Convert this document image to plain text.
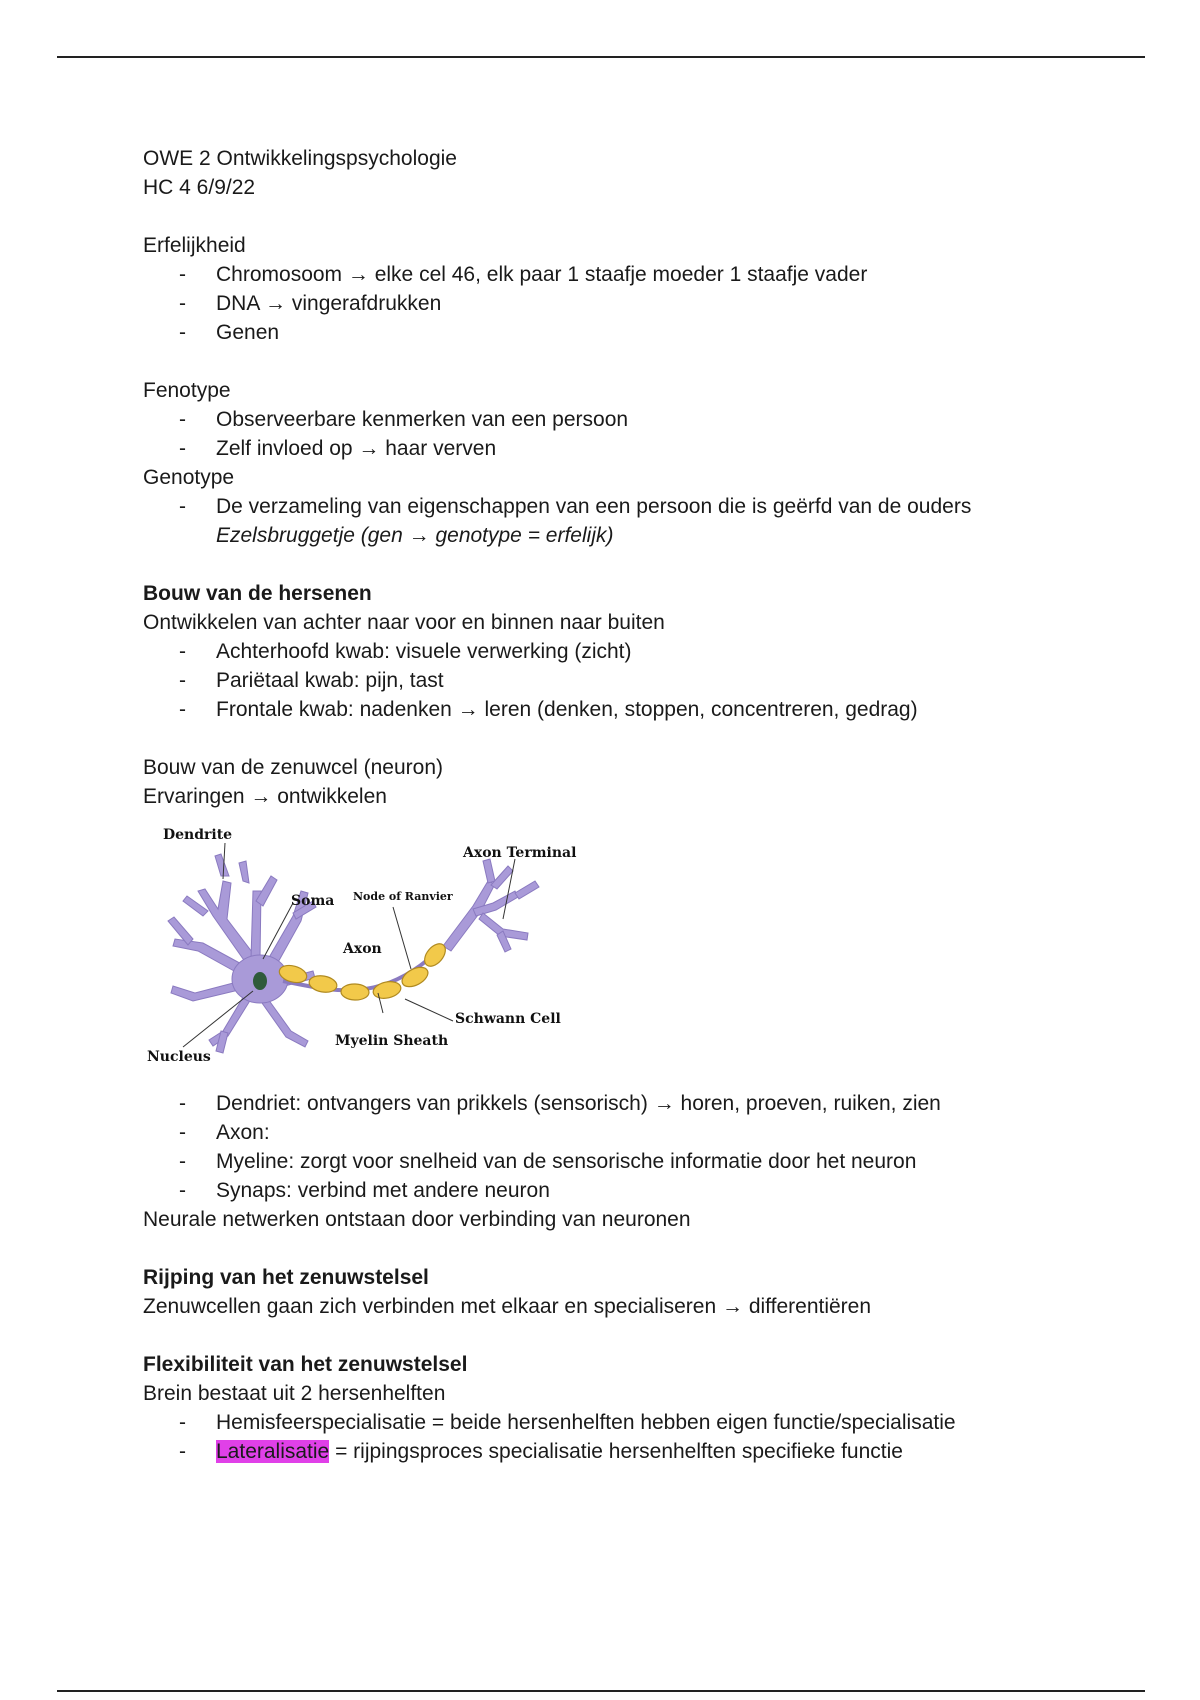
OWE 2 Ontwikkelingspsychologie
HC 4 6/9/22
Erfelijkheid
- Chromosoom → elke cel 46, elk paar 1 staafje moeder 1 staafje vader
- DNA → vingerafdrukken
- Genen
Fenotype
- Observeerbare kenmerken van een persoon
- Zelf invloed op → haar verven
Genotype
- De verzameling van eigenschappen van een persoon die is geërfd van de ouders
Ezelsbruggetje (gen → genotype = erfelijk)
Bouw van de hersenen
Ontwikkelen van achter naar voor en binnen naar buiten
- Achterhoofd kwab: visuele verwerking (zicht)
- Pariëtaal kwab: pijn, tast
- Frontale kwab: nadenken → leren (denken, stoppen, concentreren, gedrag)
Bouw van de zenuwcel (neuron)
Ervaringen → ontwikkelen
Dendrite
Soma
Nucleus
Axon
Node of Ranvier
Myelin Sheath
Schwann Cell
Axon Terminal
- Dendriet: ontvangers van prikkels (sensorisch) → horen, proeven, ruiken, zien
- Axon:
- Myeline: zorgt voor snelheid van de sensorische informatie door het neuron
- Synaps: verbind met andere neuron
Neurale netwerken ontstaan door verbinding van neuronen
Rijping van het zenuwstelsel
Zenuwcellen gaan zich verbinden met elkaar en specialiseren → differentiëren
Flexibiliteit van het zenuwstelsel
Brein bestaat uit 2 hersenhelften
- Hemisfeerspecialisatie = beide hersenhelften hebben eigen functie/specialisatie
- Lateralisatie = rijpingsproces specialisatie hersenhelften specifieke functie
